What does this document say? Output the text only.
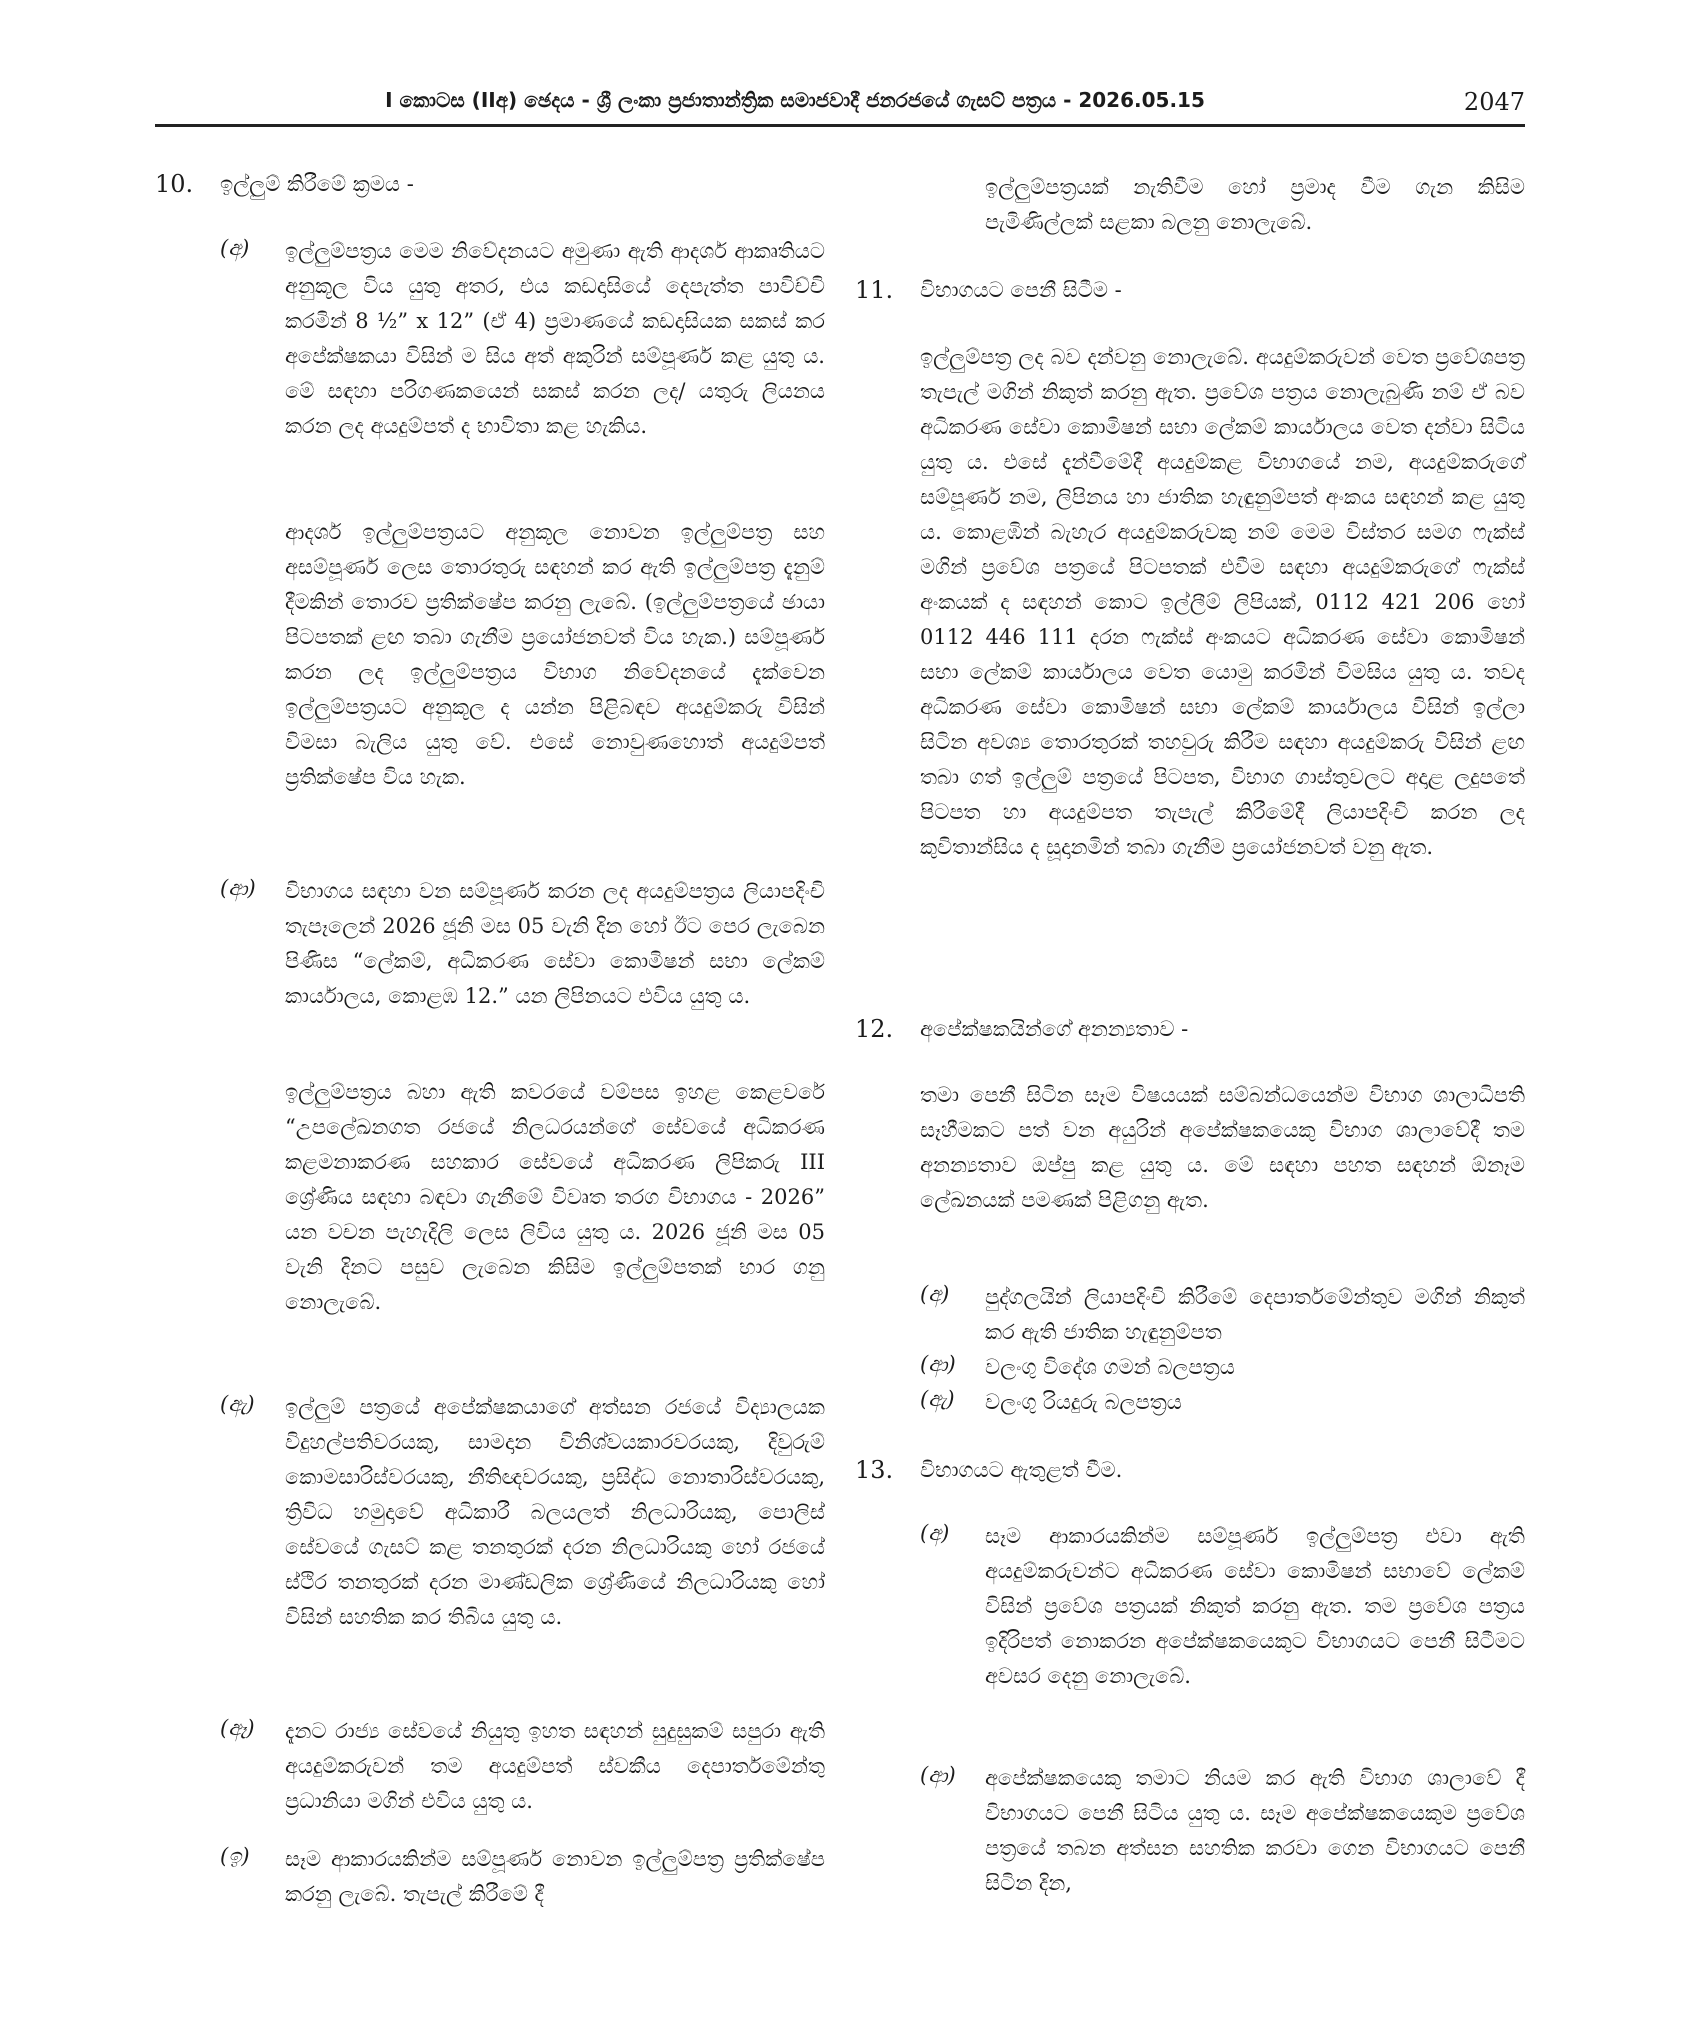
I කොටස (IIඅ) ඡෙදය - ශ්‍රී ලංකා ප්‍රජාතාන්ත්‍රික සමාජවාදී ජනරජයේ ගැසට් පත්‍රය - 2026.05.15	2047
10. ඉල්ලුම් කිරීමේ ක්‍රමය -
(අ) ඉල්ලුම්පත්‍රය මෙම නිවේදනයට අමුණා ඇති ආදර්ශ ආකෘතියට අනුකූල විය යුතු අතර, එය කඩදාසියේ දෙපැත්ත පාවිච්චි කරමින් 8 ½” x 12” (ඒ 4) ප්‍රමාණයේ කඩදාසියක සකස් කර අපේක්ෂකයා විසින් ම සිය අත් අකුරින් සම්පූර්ණ කළ යුතු ය. මේ සඳහා පරිගණකයෙන් සකස් කරන ලද/ යතුරු ලියනය කරන ලද අයදුම්පත් ද භාවිතා කළ හැකිය.

ආදර්ශ ඉල්ලුම්පත්‍රයට අනුකූල නොවන ඉල්ලුම්පත්‍ර සහ අසම්පූර්ණ ලෙස තොරතුරු සඳහන් කර ඇති ඉල්ලුම්පත්‍ර දැනුම් දීමකින් තොරව ප්‍රතික්ෂේප කරනු ලැබේ. (ඉල්ලුම්පත්‍රයේ ඡායා පිටපතක් ළඟ තබා ගැනීම ප්‍රයෝජනවත් විය හැක.) සම්පූර්ණ කරන ලද ඉල්ලුම්පත්‍රය විභාග නිවේදනයේ දැක්වෙන ඉල්ලුම්පත්‍රයට අනුකූල ද යන්න පිළිබඳව අයදුම්කරු විසින් විමසා බැලිය යුතු වේ. එසේ නොවුණහොත් අයදුම්පත් ප්‍රතික්ෂේප විය හැක.

(ආ) විභාගය සඳහා වන සම්පූර්ණ කරන ලද අයදුම්පත්‍රය ලියාපදිංචි තැපෑලෙන් 2026 ජූනි මස 05 වැනි දින හෝ ඊට පෙර ලැබෙන පිණිස “ලේකම්, අධිකරණ සේවා කොමිෂන් සභා ලේකම් කාර්යාලය, කොළඹ 12.” යන ලිපිනයට එවිය යුතු ය.

ඉල්ලුම්පත්‍රය බහා ඇති කවරයේ වම්පස ඉහළ කෙළවරේ “උපලේඛනගත රජයේ නිලධරයන්ගේ සේවයේ අධිකරණ කළමනාකරණ සහකාර සේවයේ අධිකරණ ලිපිකරු III ශ්‍රේණිය සඳහා බඳවා ගැනීමේ විවෘත තරග විභාගය - 2026” යන වචන පැහැදිලි ලෙස ලිවිය යුතු ය. 2026 ජූනි මස 05 වැනි දිනට පසුව ලැබෙන කිසිම ඉල්ලුම්පතක් භාර ගනු නොලැබේ.

(ඇ) ඉල්ලුම් පත්‍රයේ අපේක්ෂකයාගේ අත්සන රජයේ විද්‍යාලයක විදුහල්පතිවරයකු, සාමදාන විනිශ්වයකාරවරයකු, දිවුරුම් කොමසාරිස්වරයකු, නීතිඥවරයකු, ප්‍රසිද්ධ නොතාරිස්වරයකු, ත්‍රිවිධ හමුදාවේ අධිකාරී බලයලත් නිලධාරියකු, පොලිස් සේවයේ ගැසට් කළ තනතුරක් දරන නිලධාරියකු හෝ රජයේ ස්ථිර තනතුරක් දරන මාණ්ඩලික ශ්‍රේණියේ නිලධාරියකු හෝ විසින් සහතික කර තිබිය යුතු ය.

(ඈ) දැනට රාජ්‍ය සේවයේ නියුතු ඉහත සඳහන් සුදුසුකම් සපුරා ඇති අයදුම්කරුවන් තම අයදුම්පත් ස්වකීය දෙපාර්තමේන්තු ප්‍රධානියා මගින් එවිය යුතු ය.

(ඉ) සෑම ආකාරයකින්ම සම්පූර්ණ නොවන ඉල්ලුම්පත්‍ර ප්‍රතික්ෂේප කරනු ලැබේ. තැපැල් කිරීමේ දී

ඉල්ලුම්පත්‍රයක් නැතිවීම හෝ ප්‍රමාද වීම ගැන කිසිම පැමිණිල්ලක් සළකා බලනු නොලැබේ.

11. විභාගයට පෙනී සිටීම -

ඉල්ලුම්පත්‍ර ලද බව දන්වනු නොලැබේ. අයදුම්කරුවන් වෙත ප්‍රවේශපත්‍ර තැපැල් මගින් නිකුත් කරනු ඇත. ප්‍රවේශ පත්‍රය නොලැබුණි නම් ඒ බව අධිකරණ සේවා කොමිෂන් සභා ලේකම් කාර්යාලය වෙත දන්වා සිටිය යුතු ය. එසේ දැන්වීමේදී අයදුම්කළ විභාගයේ නම, අයදුම්කරුගේ සම්පූර්ණ නම, ලිපිනය හා ජාතික හැඳුනුම්පත් අංකය සඳහන් කළ යුතු ය. කොළඹින් බැහැර අයදුම්කරුවකු නම් මෙම විස්තර සමග ෆැක්ස් මගින් ප්‍රවේශ පත්‍රයේ පිටපතක් එවීම සඳහා අයදුම්කරුගේ ෆැක්ස් අංකයක් ද සඳහන් කොට ඉල්ලීම් ලිපියක්, 0112 421 206 හෝ 0112 446 111 දරන ෆැක්ස් අංකයට අධිකරණ සේවා කොමිෂන් සභා ලේකම් කාර්යාලය වෙත යොමු කරමින් විමසිය යුතු ය. තවද අධිකරණ සේවා කොමිෂන් සභා ලේකම් කාර්යාලය විසින් ඉල්ලා සිටින අවශ්‍ය තොරතුරක් තහවුරු කිරීම සඳහා අයදුම්කරු විසින් ළඟ තබා ගත් ඉල්ලුම් පත්‍රයේ පිටපත, විභාග ගාස්තුවලට අදාළ ලදුපතේ පිටපත හා අයදුම්පත තැපැල් කිරීමේදී ලියාපදිංචි කරන ලද කුවිතාන්සිය ද සූදානමින් තබා ගැනීම ප්‍රයෝජනවත් වනු ඇත.

12. අපේක්ෂකයින්ගේ අනන්‍යතාව -

තමා පෙනී සිටින සෑම විෂයයක් සම්බන්ධයෙන්ම විභාග ශාලාධිපති සෑහීමකට පත් වන අයුරින් අපේක්ෂකයෙකු විභාග ශාලාවේදී තම අනන්‍යතාව ඔප්පු කළ යුතු ය. මේ සඳහා පහත සඳහන් ඕනෑම ලේඛනයක් පමණක් පිළිගනු ඇත.

(අ) පුද්ගලයින් ලියාපදිංචි කිරීමේ දෙපාර්තමේන්තුව මගින් නිකුත් කර ඇති ජාතික හැඳුනුම්පත

(ආ) වලංගු විදේශ ගමන් බලපත්‍රය

(ඇ) වලංගු රියදුරු බලපත්‍රය

13. විභාගයට ඇතුළත් වීම.
(අ) සෑම ආකාරයකින්ම සම්පූර්ණ ඉල්ලුම්පත්‍ර එවා ඇති අයදුම්කරුවන්ට අධිකරණ සේවා කොමිෂන් සභාවේ ලේකම් විසින් ප්‍රවේශ පත්‍රයක් නිකුත් කරනු ඇත. තම ප්‍රවේශ පත්‍රය ඉදිරිපත් නොකරන අපේක්ෂකයෙකුට විභාගයට පෙනී සිටීමට අවසර දෙනු නොලැබේ.

(ආ) අපේක්ෂකයෙකු තමාට නියම කර ඇති විභාග ශාලාවේ දී විභාගයට පෙනී සිටිය යුතු ය. සෑම අපේක්ෂකයෙකුම ප්‍රවේශ පත්‍රයේ තබන අත්සන සහතික කරවා ගෙන විභාගයට පෙනී සිටින දින,
